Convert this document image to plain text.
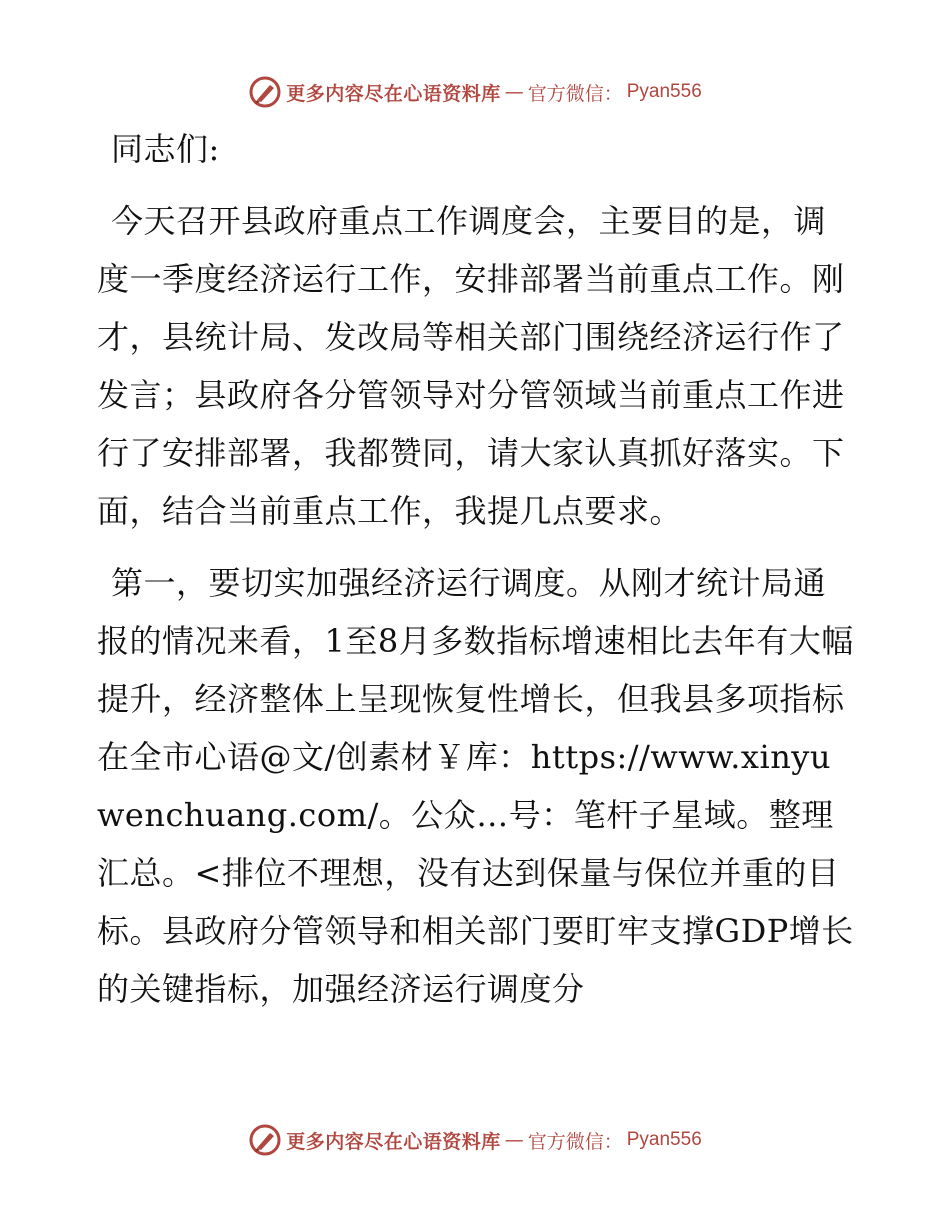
更多内容尽在心语资料库 — 官方微信： Pyan556

同志们:

今天召开县政府重点工作调度会，主要目的是，调度一季度经济运行工作，安排部署当前重点工作。刚才，县统计局、发改局等相关部门围绕经济运行作了发言；县政府各分管领导对分管领域当前重点工作进行了安排部署，我都赞同，请大家认真抓好落实。下面，结合当前重点工作，我提几点要求。

第一，要切实加强经济运行调度。从刚才统计局通报的情况来看，1至8月多数指标增速相比去年有大幅提升，经济整体上呈现恢复性增长，但我县多项指标在全市心语@文/创素材￥库：https://www.xinyuwenchuang.com/。公众…号：笔杆子星域。整理汇总。<排位不理想，没有达到保量与保位并重的目标。县政府分管领导和相关部门要盯牢支撑GDP增长的关键指标，加强经济运行调度分

更多内容尽在心语资料库 — 官方微信： Pyan556
